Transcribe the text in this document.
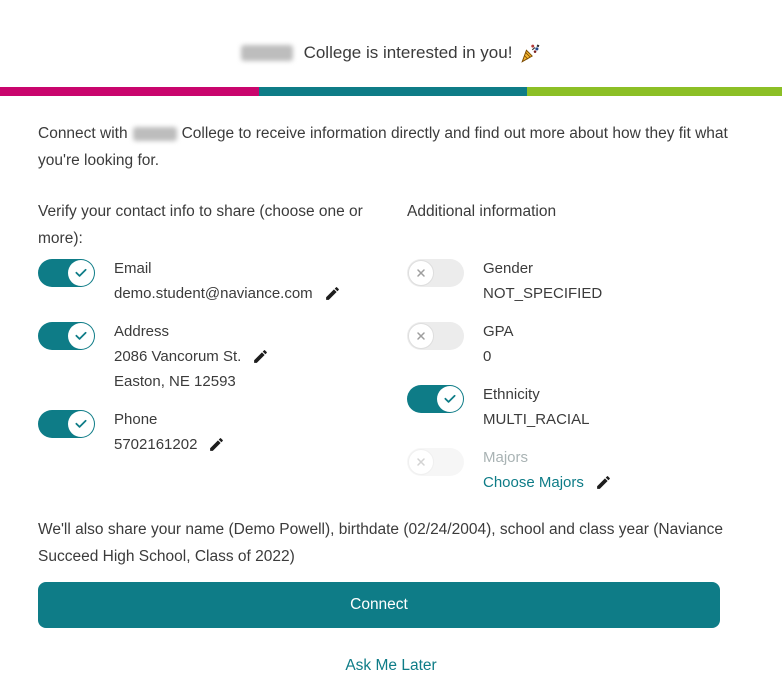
College is interested in you!

Connect with	College to receive information directly and find out more about how they fit what you're looking for.

Verify your contact info to share (choose one or more):
Email
demo.student@naviance.com
Address
2086 Vancorum St.
Easton, NE 12593
Phone
5702161202
Additional information
Gender
NOT_SPECIFIED
GPA
0
Ethnicity
MULTI_RACIAL
Majors
Choose Majors

We'll also share your name (Demo Powell), birthdate (02/24/2004), school and class year (Naviance Succeed High School, Class of 2022)

Connect
Ask Me Later
